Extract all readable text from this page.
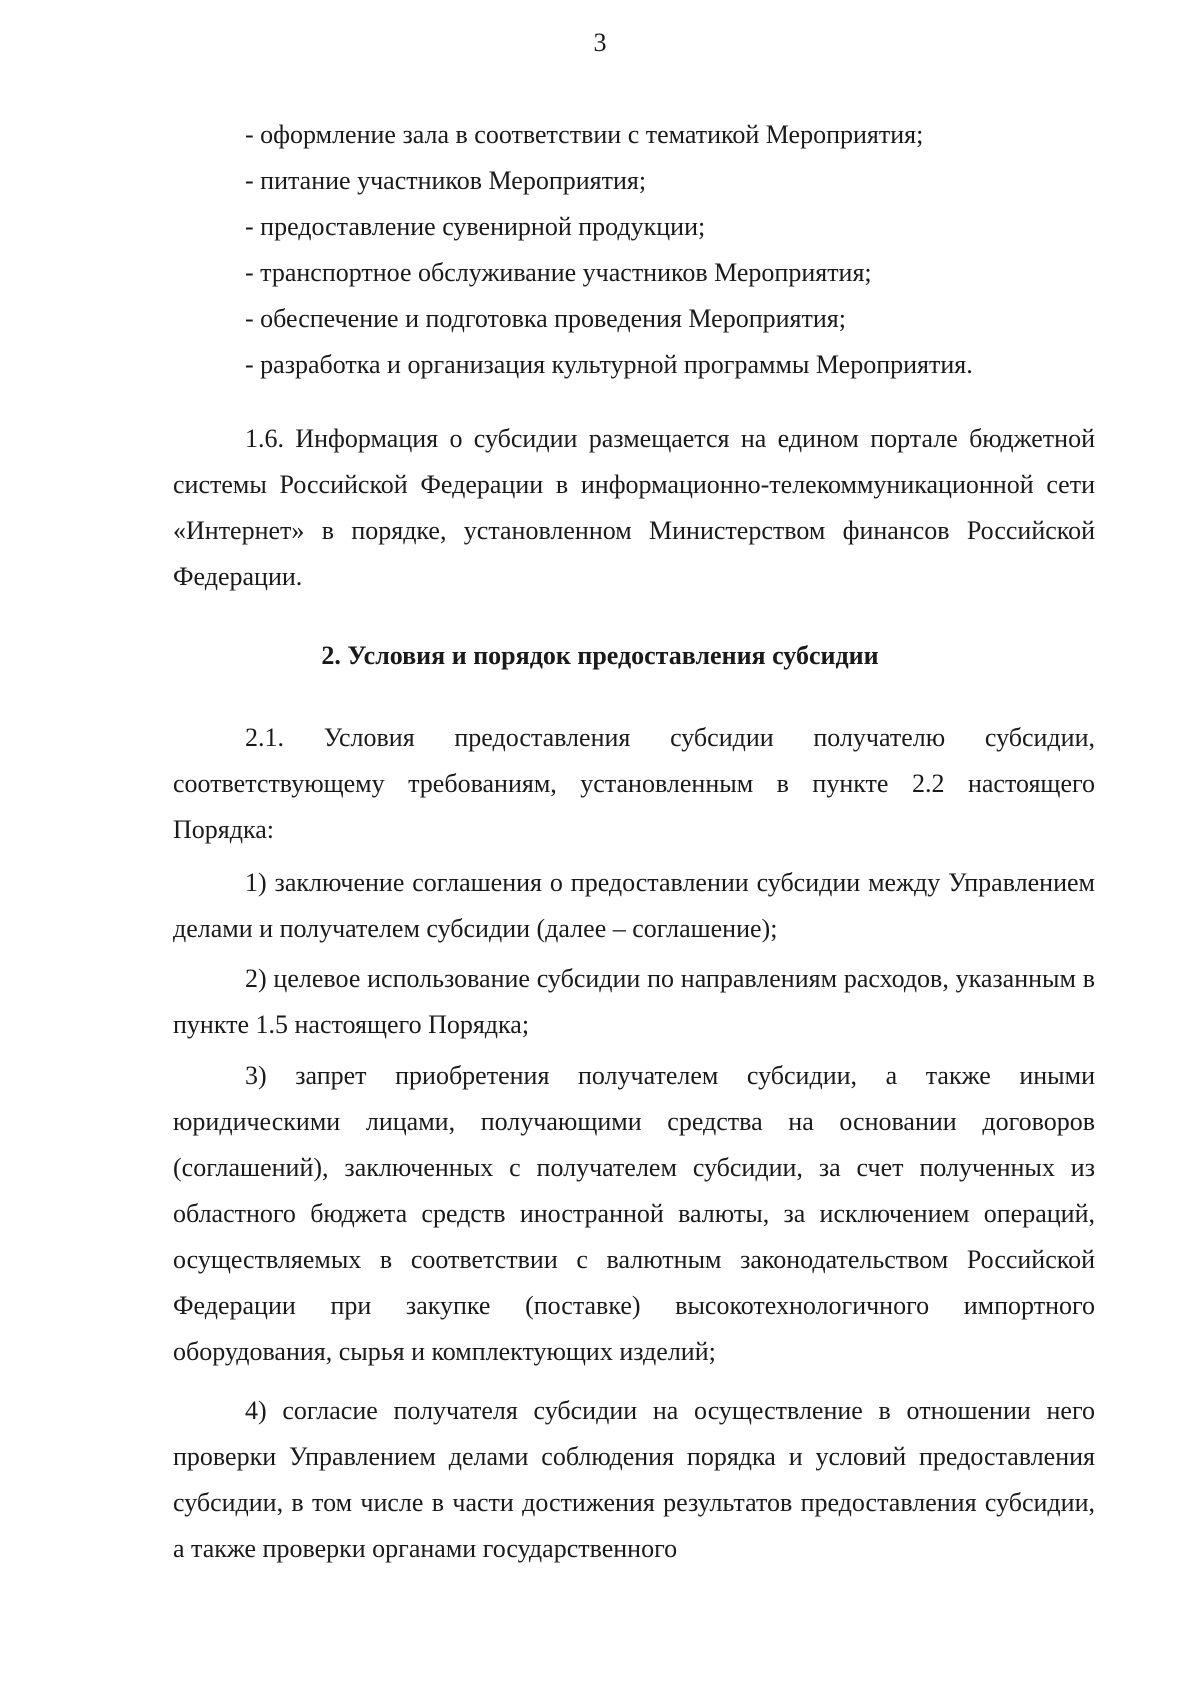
3
- оформление зала в соответствии с тематикой Мероприятия;
- питание участников Мероприятия;
- предоставление сувенирной продукции;
- транспортное обслуживание участников Мероприятия;
- обеспечение и подготовка проведения Мероприятия;
- разработка и организация культурной программы Мероприятия.

1.6. Информация о субсидии размещается на едином портале бюджетной системы Российской Федерации в информационно-телекоммуникационной сети «Интернет» в порядке, установленном Министерством финансов Российской Федерации.

2. Условия и порядок предоставления субсидии

2.1. Условия предоставления субсидии получателю субсидии, соответствующему требованиям, установленным в пункте 2.2 настоящего Порядка:

1) заключение соглашения о предоставлении субсидии между Управлением делами и получателем субсидии (далее – соглашение);

2) целевое использование субсидии по направлениям расходов, указанным в пункте 1.5 настоящего Порядка;

3) запрет приобретения получателем субсидии, а также иными юридическими лицами, получающими средства на основании договоров (соглашений), заключенных с получателем субсидии, за счет полученных из областного бюджета средств иностранной валюты, за исключением операций, осуществляемых в соответствии с валютным законодательством Российской Федерации при закупке (поставке) высокотехнологичного импортного оборудования, сырья и комплектующих изделий;

4) согласие получателя субсидии на осуществление в отношении него проверки Управлением делами соблюдения порядка и условий предоставления субсидии, в том числе в части достижения результатов предоставления субсидии, а также проверки органами государственного
